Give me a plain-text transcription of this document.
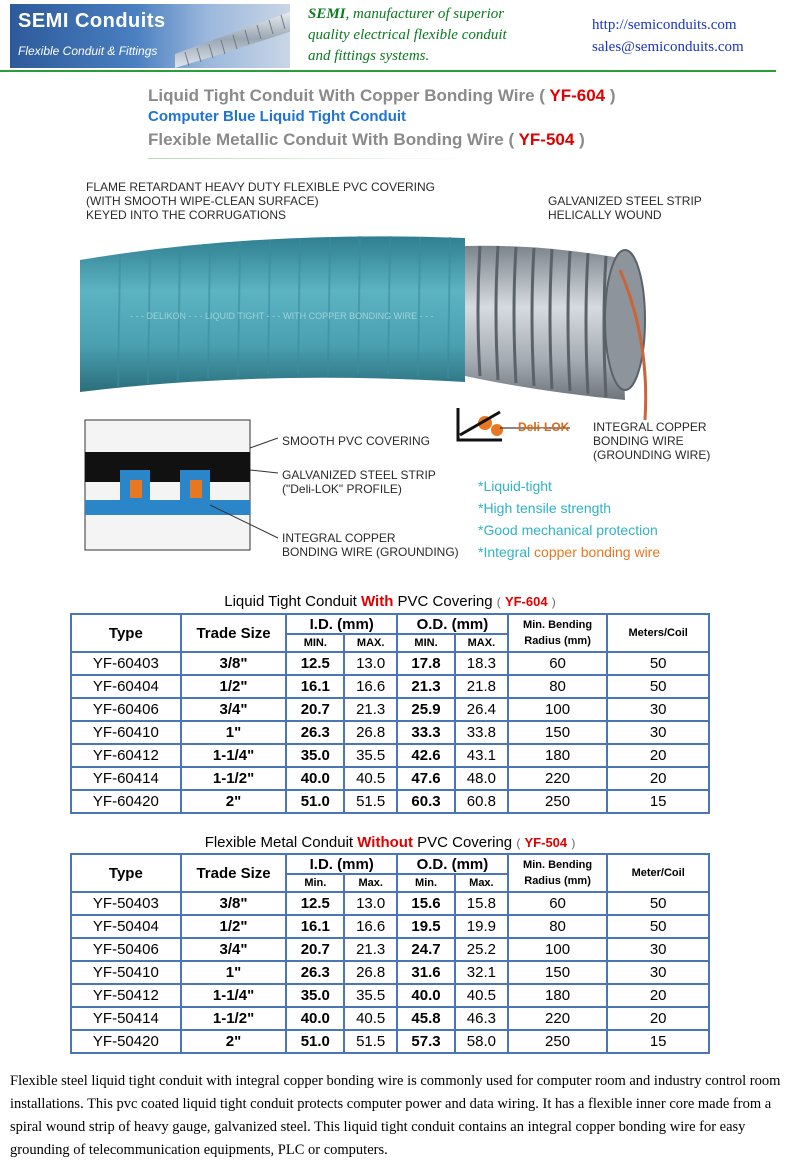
SEMI Conduits
Flexible Conduit & Fittings
SEMI, manufacturer of superior
quality electrical flexible conduit
and fittings systems.
http://semiconduits.com
sales@semiconduits.com
Liquid Tight Conduit With Copper Bonding Wire ( YF-604 )
Computer Blue Liquid Tight Conduit
Flexible Metallic Conduit With Bonding Wire ( YF-504 )
FLAME RETARDANT HEAVY DUTY FLEXIBLE PVC COVERING
(WITH SMOOTH WIPE-CLEAN SURFACE)
KEYED INTO THE CORRUGATIONS
GALVANIZED STEEL STRIP
HELICALLY WOUND
- - - DELIKON - - - LIQUID TIGHT - - - WITH COPPER BONDING WIRE - - -
Deli-LOK INTEGRAL COPPER
BONDING WIRE
(GROUNDING WIRE)
SMOOTH PVC COVERING
GALVANIZED STEEL STRIP
("Deli-LOK" PROFILE)
INTEGRAL COPPER
BONDING WIRE (GROUNDING)
*Liquid-tight
*High tensile strength
*Good mechanical protection
*Integral copper bonding wire
Liquid Tight Conduit With PVC Covering ( YF-604 )
Type	Trade Size	I.D. (mm)		O.D. (mm)		Min. Bending
Radius (mm)	Meters/Coil
		MIN.	MAX.	MIN.	MAX.		
YF-60403	3/8"	12.5	13.0	17.8	18.3	60	50
YF-60404	1/2"	16.1	16.6	21.3	21.8	80	50
YF-60406	3/4"	20.7	21.3	25.9	26.4	100	30
YF-60410	1"	26.3	26.8	33.3	33.8	150	30
YF-60412	1-1/4"	35.0	35.5	42.6	43.1	180	20
YF-60414	1-1/2"	40.0	40.5	47.6	48.0	220	20
YF-60420	2"	51.0	51.5	60.3	60.8	250	15
Flexible Metal Conduit Without PVC Covering ( YF-504 )
Type	Trade Size	I.D. (mm)		O.D. (mm)		Min. Bending
Radius (mm)	Meter/Coil
		Min.	Max.	Min.	Max.		
YF-50403	3/8"	12.5	13.0	15.6	15.8	60	50
YF-50404	1/2"	16.1	16.6	19.5	19.9	80	50
YF-50406	3/4"	20.7	21.3	24.7	25.2	100	30
YF-50410	1"	26.3	26.8	31.6	32.1	150	30
YF-50412	1-1/4"	35.0	35.5	40.0	40.5	180	20
YF-50414	1-1/2"	40.0	40.5	45.8	46.3	220	20
YF-50420	2"	51.0	51.5	57.3	58.0	250	15

Flexible steel liquid tight conduit with integral copper bonding wire is commonly used for computer room and industry control room installations. This pvc coated liquid tight conduit protects computer power and data wiring. It has a flexible inner core made from a spiral wound strip of heavy gauge, galvanized steel. This liquid tight conduit contains an integral copper bonding wire for easy grounding of telecommunication equipments, PLC or computers.
